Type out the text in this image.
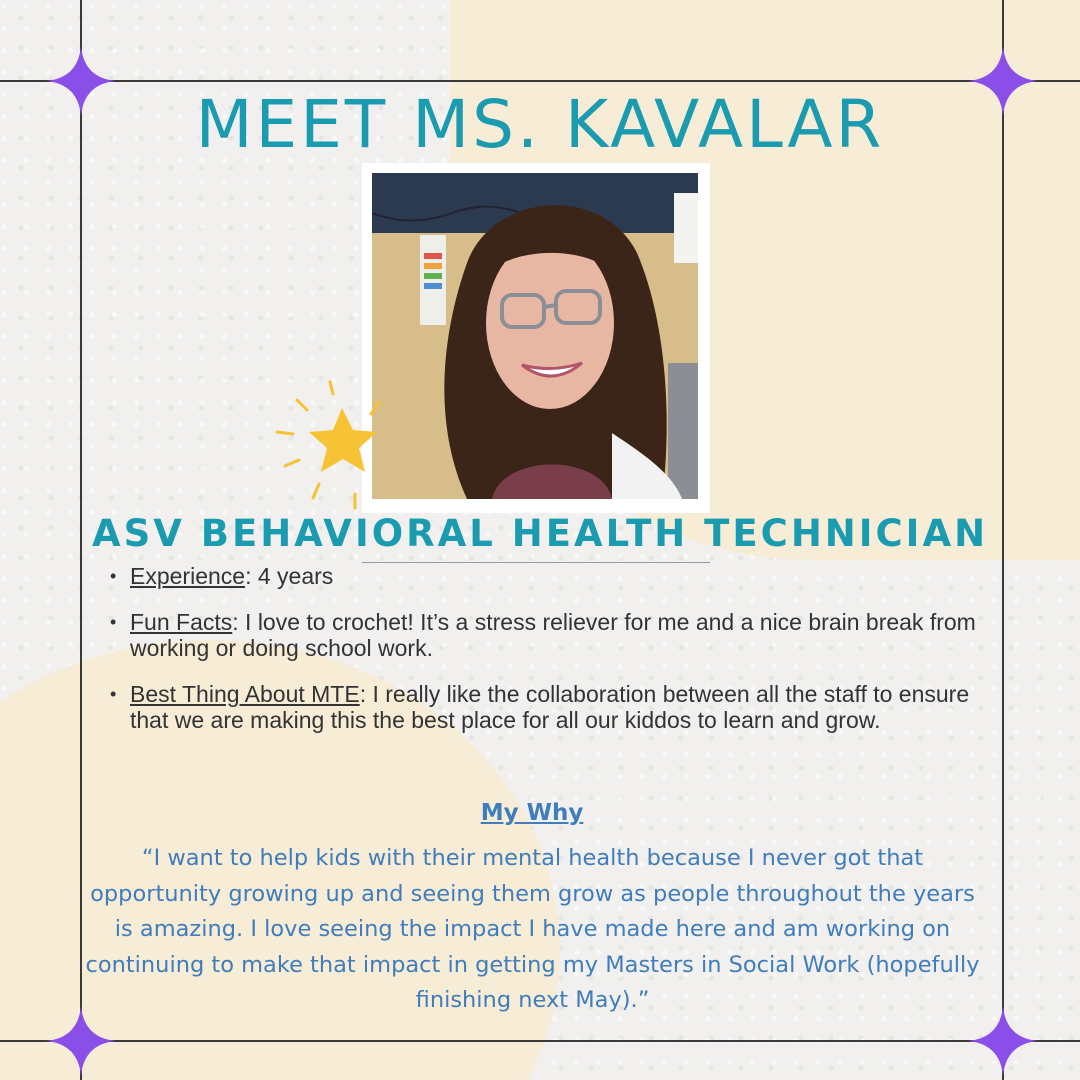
MEET MS. KAVALAR
ASV BEHAVIORAL HEALTH TECHNICIAN
• Experience: 4 years
• Fun Facts: I love to crochet! It’s a stress reliever for me and a nice brain break from working or doing school work.
• Best Thing About MTE: I really like the collaboration between all the staff to ensure that we are making this the best place for all our kiddos to learn and grow.
My Why

“I want to help kids with their mental health because I never got that opportunity growing up and seeing them grow as people throughout the years is amazing. I love seeing the impact I have made here and am working on continuing to make that impact in getting my Masters in Social Work (hopefully finishing next May).”
